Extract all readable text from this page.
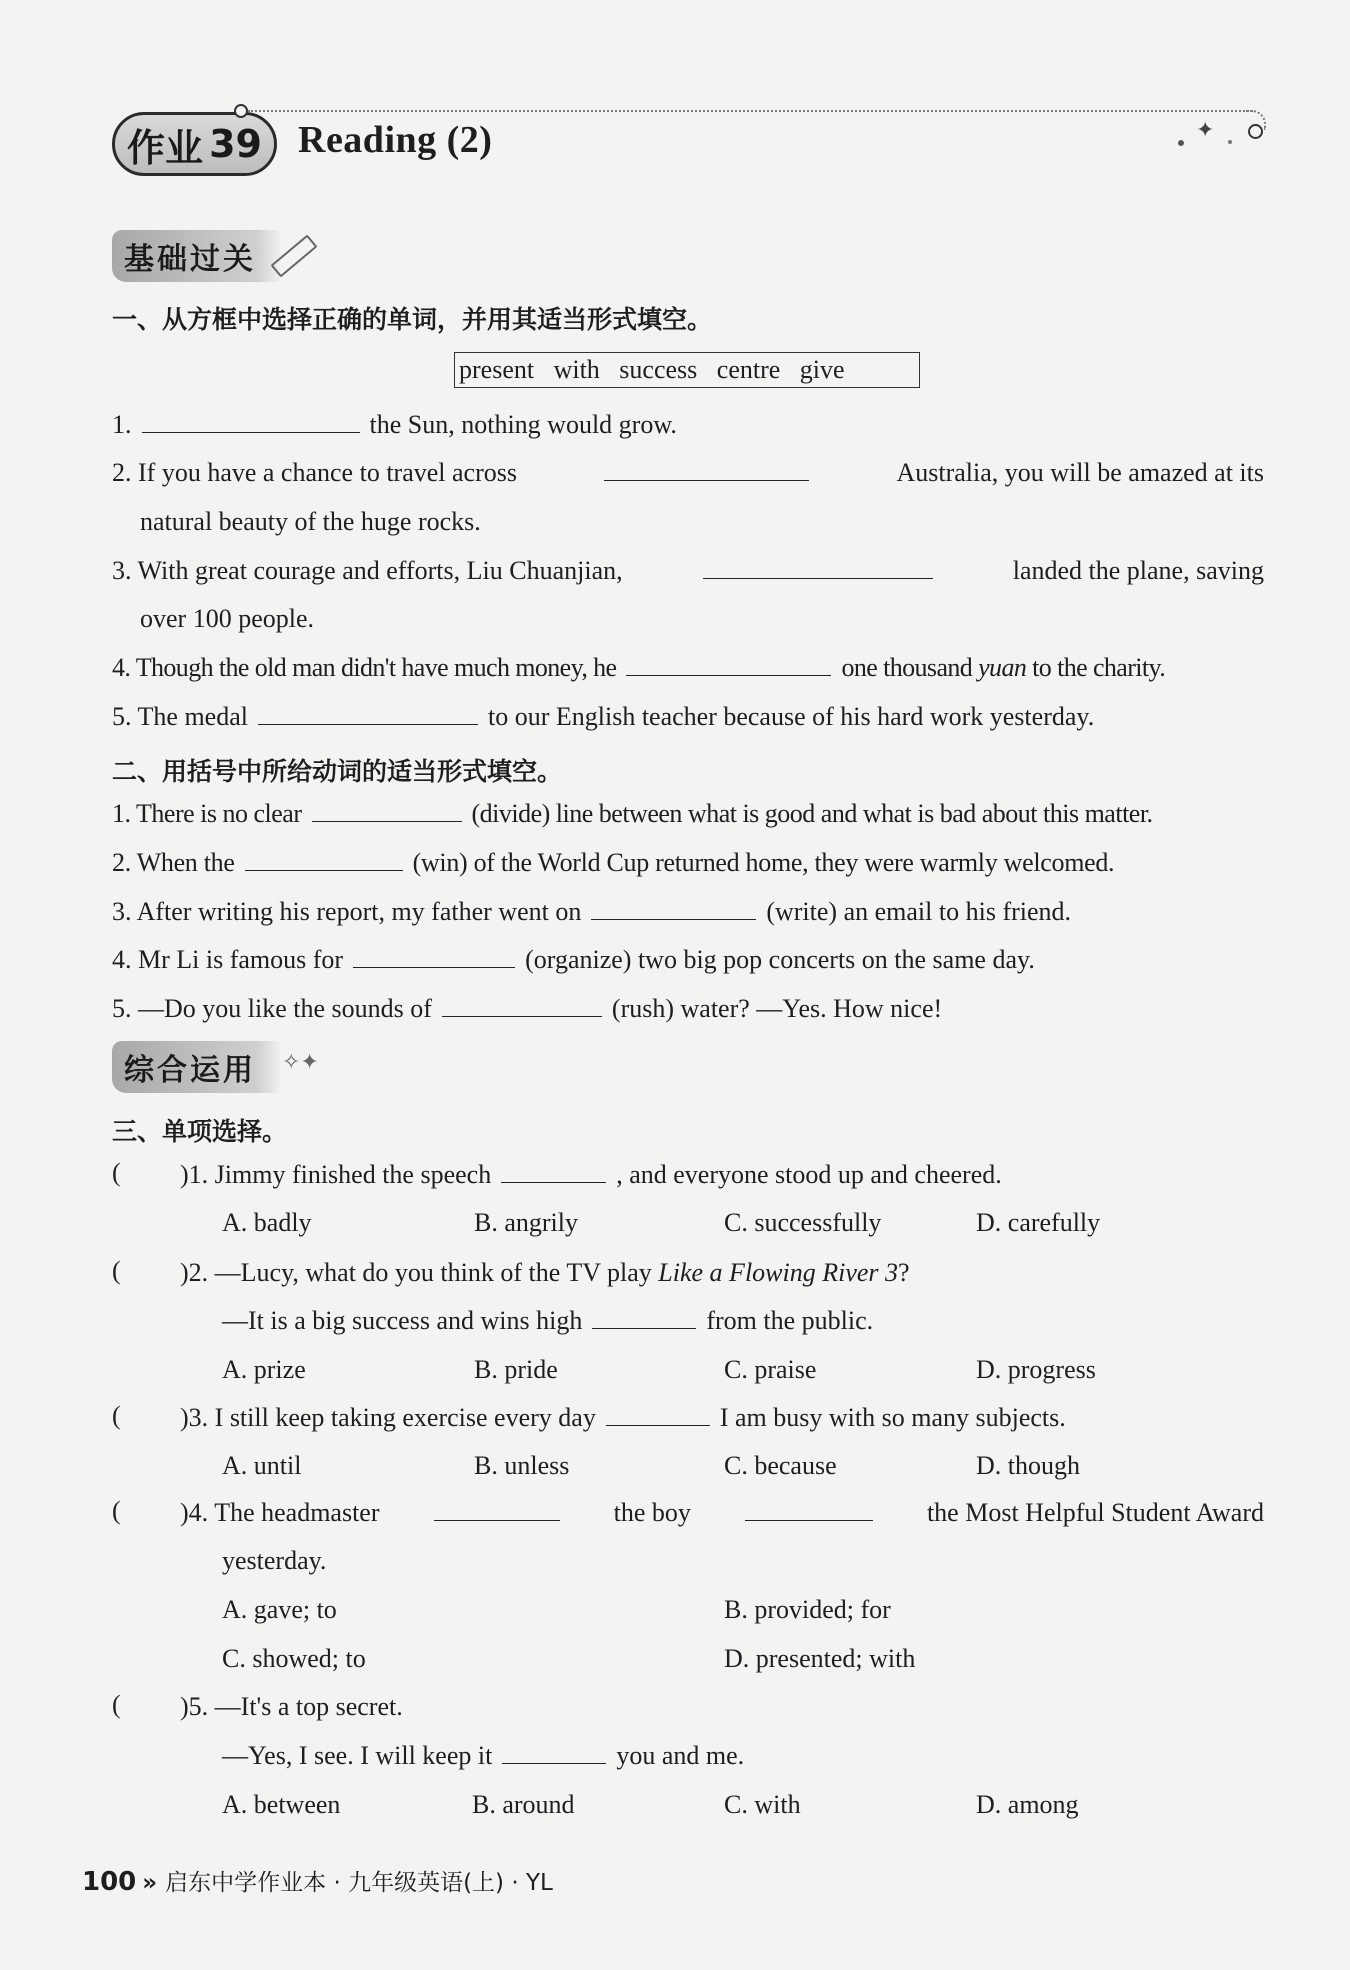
作业 39	✦
Reading (2)
基础过关
一、从方框中选择正确的单词，并用其适当形式填空。
present   with   success   centre   give
1.	the Sun, nothing would grow.
2. If you have a chance to travel across	Australia, you will be amazed at its
natural beauty of the huge rocks.
3. With great courage and efforts, Liu Chuanjian,	landed the plane, saving
over 100 people.
4. Though the old man didn't have much money, he	one thousand yuan to the charity.
5. The medal	to our English teacher because of his hard work yesterday.
二、用括号中所给动词的适当形式填空。
1. There is no clear	(divide) line between what is good and what is bad about this matter.
2. When the	(win) of the World Cup returned home, they were warmly welcomed.
3. After writing his report, my father went on	(write) an email to his friend.
4. Mr Li is famous for	(organize) two big pop concerts on the same day.
5. —Do you like the sounds of	(rush) water? —Yes. How nice!
综合运用 ✧✦
三、单项选择。
( )1. Jimmy finished the speech	, and everyone stood up and cheered.
A. badly	B. angrily	C. successfully	D. carefully
( )2. —Lucy, what do you think of the TV play Like a Flowing River 3?
—It is a big success and wins high	from the public.
A. prize	B. pride	C. praise	D. progress
( )3. I still keep taking exercise every day	I am busy with so many subjects.
A. until	B. unless	C. because	D. though
( )4. The headmaster	the boy	the Most Helpful Student Award
yesterday.
A. gave; to	B. provided; for
C. showed; to	D. presented; with
( )5. —It's a top secret.
—Yes, I see. I will keep it	you and me.
A. between	B. around	C. with	D. among
100 » 启东中学作业本 · 九年级英语(上) · YL
